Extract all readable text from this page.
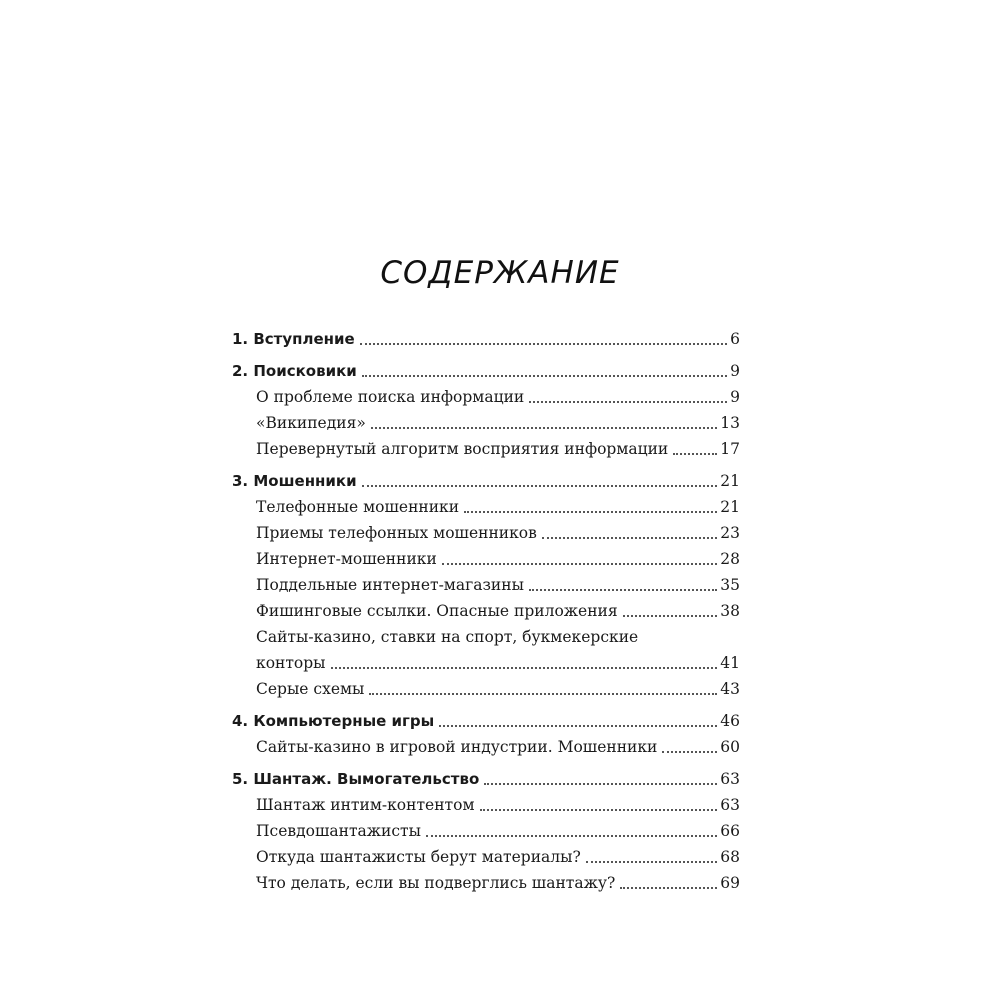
СОДЕРЖАНИЕ
1. Вступление	6
2. Поисковики	9
О проблеме поиска информации	9
«Википедия»	13
Перевернутый алгоритм восприятия информации	17
3. Мошенники	21
Телефонные мошенники	21
Приемы телефонных мошенников	23
Интернет-мошенники	28
Поддельные интернет-магазины	35
Фишинговые ссылки. Опасные приложения	38
Сайты-казино, ставки на спорт, букмекерские
конторы	41
Серые схемы	43
4. Компьютерные игры	46
Сайты-казино в игровой индустрии. Мошенники	60
5. Шантаж. Вымогательство	63
Шантаж интим-контентом	63
Псевдошантажисты	66
Откуда шантажисты берут материалы?	68
Что делать, если вы подверглись шантажу?	69
